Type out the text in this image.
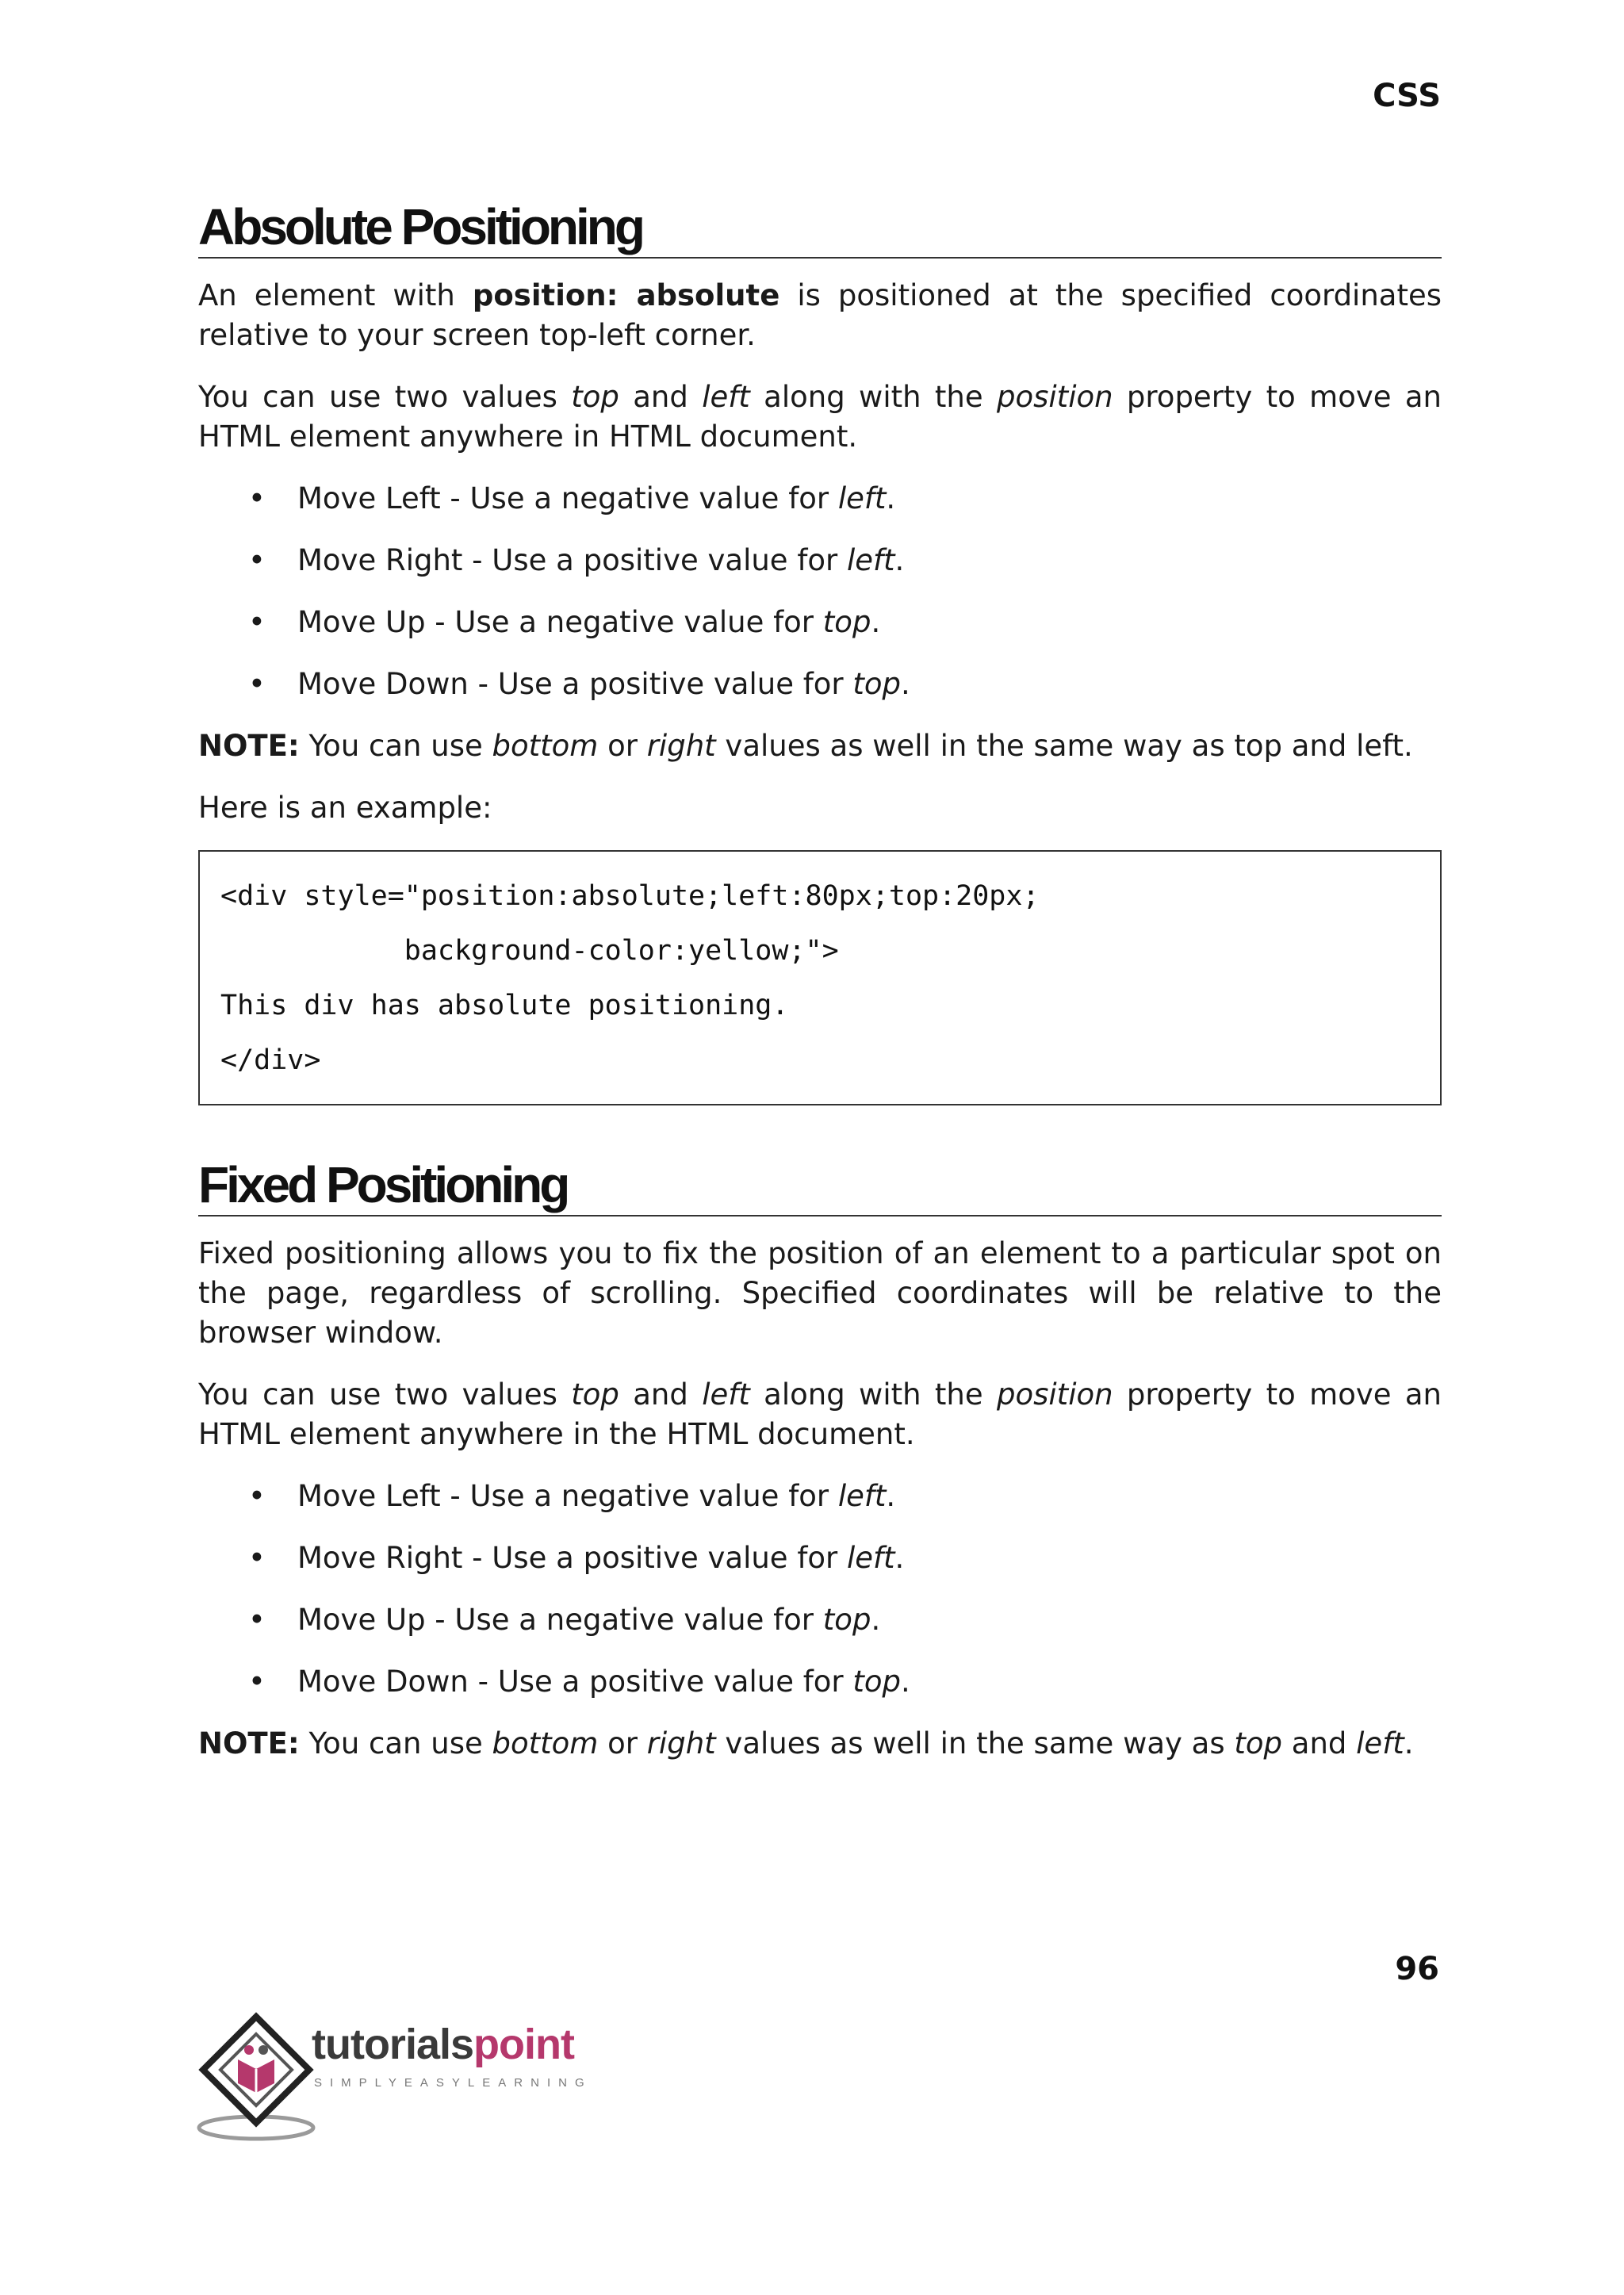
CSS
Absolute Positioning

An element with position: absolute is positioned at the specified coordinates relative to your screen top-left corner.

You can use two values top and left along with the position property to move an HTML element anywhere in HTML document.

• Move Left - Use a negative value for left.
• Move Right - Use a positive value for left.
• Move Up - Use a negative value for top.
• Move Down - Use a positive value for top.

NOTE: You can use bottom or right values as well in the same way as top and left.

Here is an example:

<div style="position:absolute;left:80px;top:20px;
background-color:yellow;">
This div has absolute positioning.
</div>
Fixed Positioning

Fixed positioning allows you to fix the position of an element to a particular spot on the page, regardless of scrolling. Specified coordinates will be relative to the browser window.

You can use two values top and left along with the position property to move an HTML element anywhere in the HTML document.

• Move Left - Use a negative value for left.
• Move Right - Use a positive value for left.
• Move Up - Use a negative value for top.
• Move Down - Use a positive value for top.

NOTE: You can use bottom or right values as well in the same way as top and left.

96
tutorialspoint
SIMPLYEASYLEARNING
